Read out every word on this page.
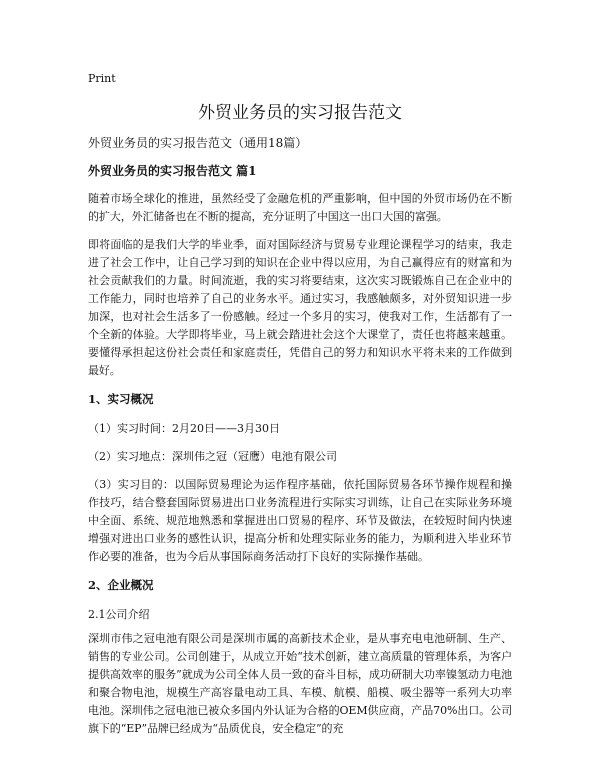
Print
外贸业务员的实习报告范文

外贸业务员的实习报告范文（通用18篇）

外贸业务员的实习报告范文 篇1

随着市场全球化的推进，虽然经受了金融危机的严重影响，但中国的外贸市场仍在不断的扩大，外汇储备也在不断的提高，充分证明了中国这一出口大国的富强。

即将面临的是我们大学的毕业季，面对国际经济与贸易专业理论课程学习的结束，我走进了社会工作中，让自己学习到的知识在企业中得以应用，为自己赢得应有的财富和为社会贡献我们的力量。时间流逝，我的实习将要结束，这次实习既锻炼自己在企业中的工作能力，同时也培养了自己的业务水平。通过实习，我感触颇多，对外贸知识进一步加深，也对社会生活多了一份感触。经过一个多月的实习，使我对工作，生活都有了一个全新的体验。大学即将毕业，马上就会踏进社会这个大课堂了，责任也将越来越重。要懂得承担起这份社会责任和家庭责任，凭借自己的努力和知识水平将未来的工作做到最好。

1、实习概况

（1）实习时间：2月20日——3月30日

（2）实习地点：深圳伟之冠（冠鹰）电池有限公司

（3）实习目的：以国际贸易理论为运作程序基础，依托国际贸易各环节操作规程和操作技巧，结合整套国际贸易进出口业务流程进行实际实习训练，让自己在实际业务环境中全面、系统、规范地熟悉和掌握进出口贸易的程序、环节及做法，在较短时间内快速增强对进出口业务的感性认识，提高分析和处理实际业务的能力，为顺利进入毕业环节作必要的准备，也为今后从事国际商务活动打下良好的实际操作基础。

2、企业概况

2.1公司介绍

深圳市伟之冠电池有限公司是深圳市属的高新技术企业，是从事充电电池研制、生产、销售的专业公司。公司创建于，从成立开始“技术创新，建立高质量的管理体系，为客户提供高效率的服务”就成为公司全体人员一致的奋斗目标，成功研制大功率镍氢动力电池和聚合物电池，规模生产高容量电动工具、车模、航模、船模、吸尘器等一系列大功率电池。深圳伟之冠电池已被众多国内外认证为合格的OEM供应商，产品70%出口。公司旗下的“EP”品牌已经成为“品质优良，安全稳定”的充
